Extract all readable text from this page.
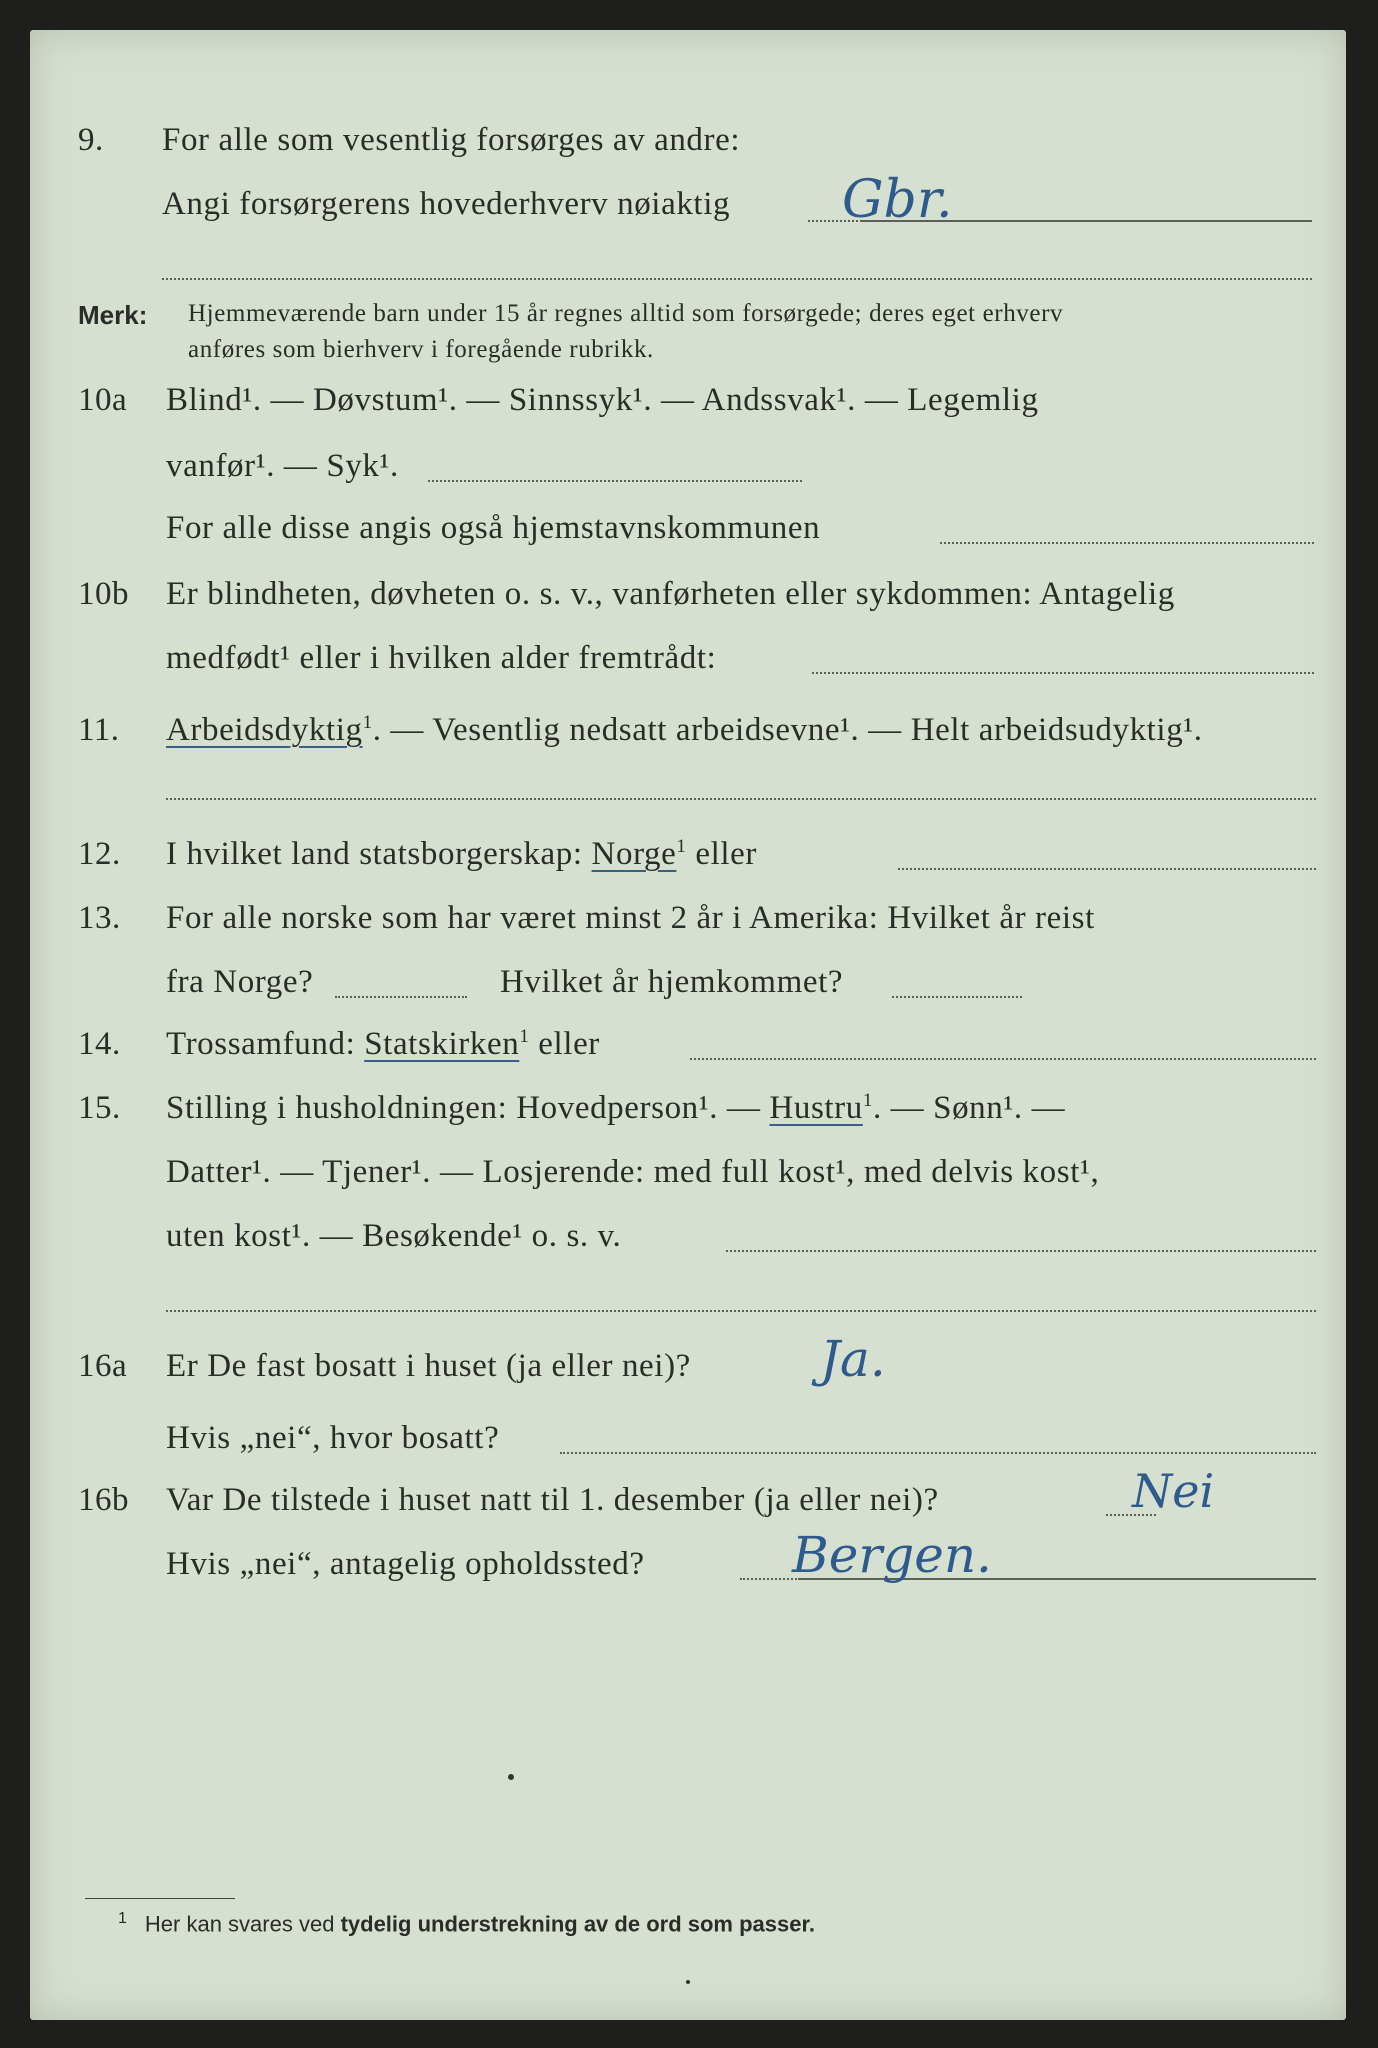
9. For alle som vesentlig forsørges av andre:
Angi forsørgerens hovederhverv nøiaktig Gbr.
Merk: Hjemmeværende barn under 15 år regnes alltid som forsørgede; deres eget erhverv
anføres som bierhverv i foregående rubrikk.
10a Blind¹. — Døvstum¹. — Sinnssyk¹. — Andssvak¹. — Legemlig
vanfør¹. — Syk¹.
For alle disse angis også hjemstavnskommunen
10b Er blindheten, døvheten o. s. v., vanførheten eller sykdommen: Antagelig
medfødt¹ eller i hvilken alder fremtrådt:
11. Arbeidsdyktig$^1$. — Vesentlig nedsatt arbeidsevne¹. — Helt arbeidsudyktig¹.
12. I hvilket land statsborgerskap: Norge$^1$ eller
13. For alle norske som har været minst 2 år i Amerika: Hvilket år reist
fra Norge?	Hvilket år hjemkommet?
14. Trossamfund: Statskirken$^1$ eller
15. Stilling i husholdningen: Hovedperson¹. — Hustru$^1$. — Sønn¹. —
Datter¹. — Tjener¹. — Losjerende: med full kost¹, med delvis kost¹,
uten kost¹. — Besøkende¹ o. s. v.
16a Er De fast bosatt i huset (ja eller nei)?	Ja.
Hvis „nei“, hvor bosatt?
16b Var De tilstede i huset natt til 1. desember (ja eller nei)?	Nei
Hvis „nei“, antagelig opholdssted?	Bergen.
$^1$ Her kan svares ved tydelig understrekning av de ord som passer.
